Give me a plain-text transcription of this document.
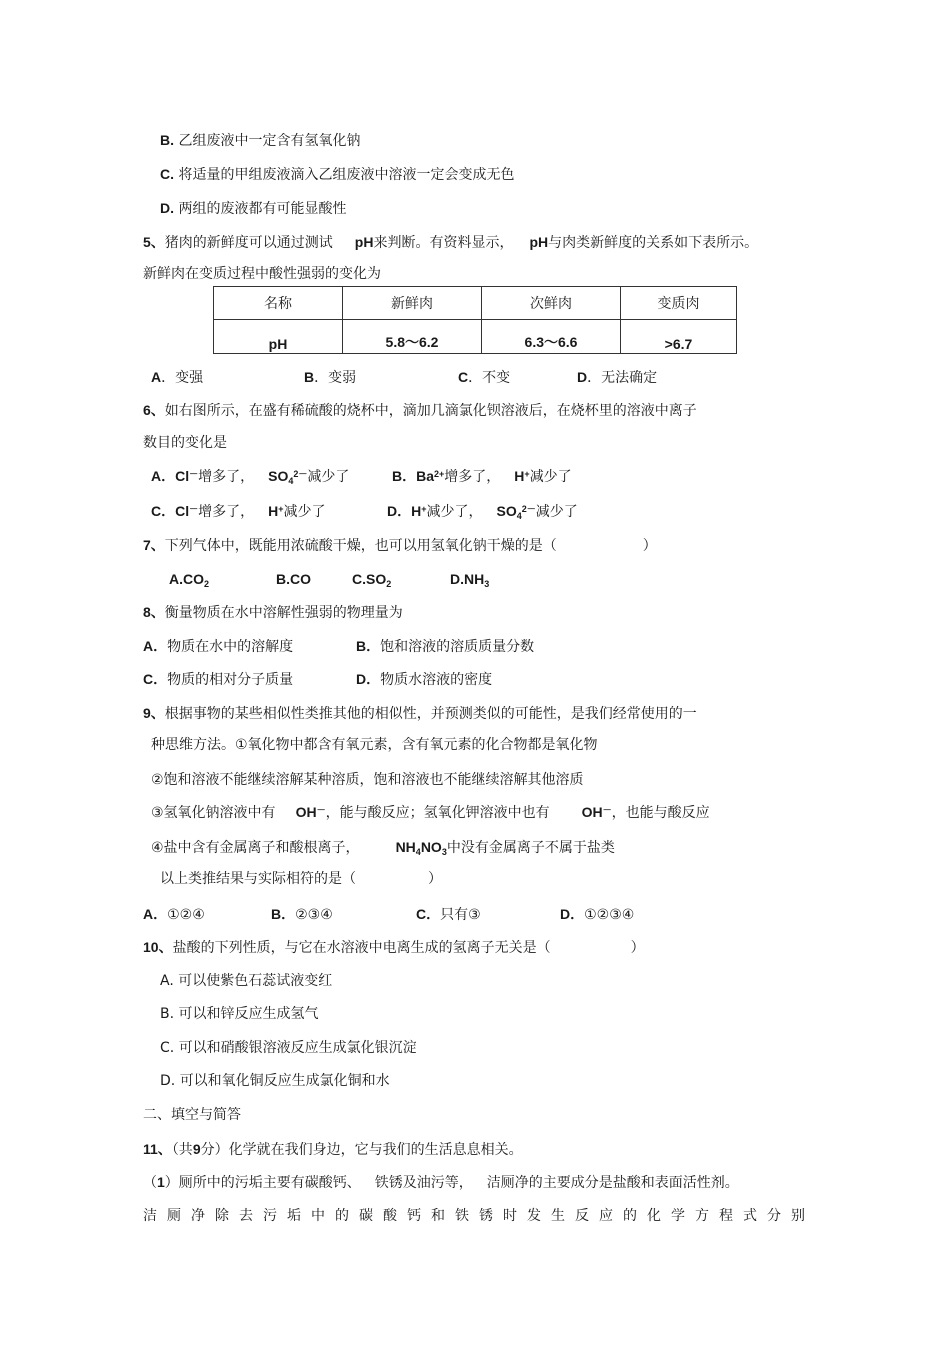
B. 乙组废液中一定含有氢氧化钠
C. 将适量的甲组废液滴入乙组废液中溶液一定会变成无色
D. 两组的废液都有可能显酸性
5、猪肉的新鲜度可以通过测试 pH来判断。有资料显示， pH与肉类新鲜度的关系如下表所示。
新鲜肉在变质过程中酸性强弱的变化为
名称	新鲜肉	次鲜肉	变质肉
pH	5.8～6.2	6.3～6.6	>6.7
A．变强	B．变弱	C．不变	D．无法确定
6、如右图所示，在盛有稀硫酸的烧杯中，滴加几滴氯化钡溶液后，在烧杯里的溶液中离子
数目的变化是
A．Cl－增多了， $SO_4^{2-}$减少了	B．$Ba^{2+}$增多了， H+减少了
C．Cl－增多了， H+减少了	D．H+减少了， $SO_4^{2-}$减少了
7、下列气体中，既能用浓硫酸干燥，也可以用氢氧化钠干燥的是（	）
$A.CO_2$	B.CO	$C.SO_2$	$D.NH_3$
8、衡量物质在水中溶解性强弱的物理量为
A．物质在水中的溶解度	B．饱和溶液的溶质质量分数
C．物质的相对分子质量	D．物质水溶液的密度
9、根据事物的某些相似性类推其他的相似性，并预测类似的可能性，是我们经常使用的一
种思维方法。①氧化物中都含有氧元素，含有氧元素的化合物都是氧化物
②饱和溶液不能继续溶解某种溶质，饱和溶液也不能继续溶解其他溶质
③氢氧化钠溶液中有 OH－，能与酸反应；氢氧化钾溶液中也有 OH－，也能与酸反应
④盐中含有金属离子和酸根离子，	$NH_4NO_3$中没有金属离子不属于盐类
以上类推结果与实际相符的是（	）
A．①②④	B．②③④	C．只有③	D．①②③④
10、盐酸的下列性质，与它在水溶液中电离生成的氢离子无关是（	）
A. 可以使紫色石蕊试液变红
B. 可以和锌反应生成氢气
C. 可以和硝酸银溶液反应生成氯化银沉淀
D. 可以和氧化铜反应生成氯化铜和水
二、填空与简答
11、（共9分）化学就在我们身边，它与我们的生活息息相关。
（1）厕所中的污垢主要有碳酸钙、 铁锈及油污等， 洁厕净的主要成分是盐酸和表面活性剂。
洁 厕 净 除 去 污 垢 中 的 碳 酸 钙 和 铁 锈 时 发 生 反 应 的 化 学 方 程 式 分 别
